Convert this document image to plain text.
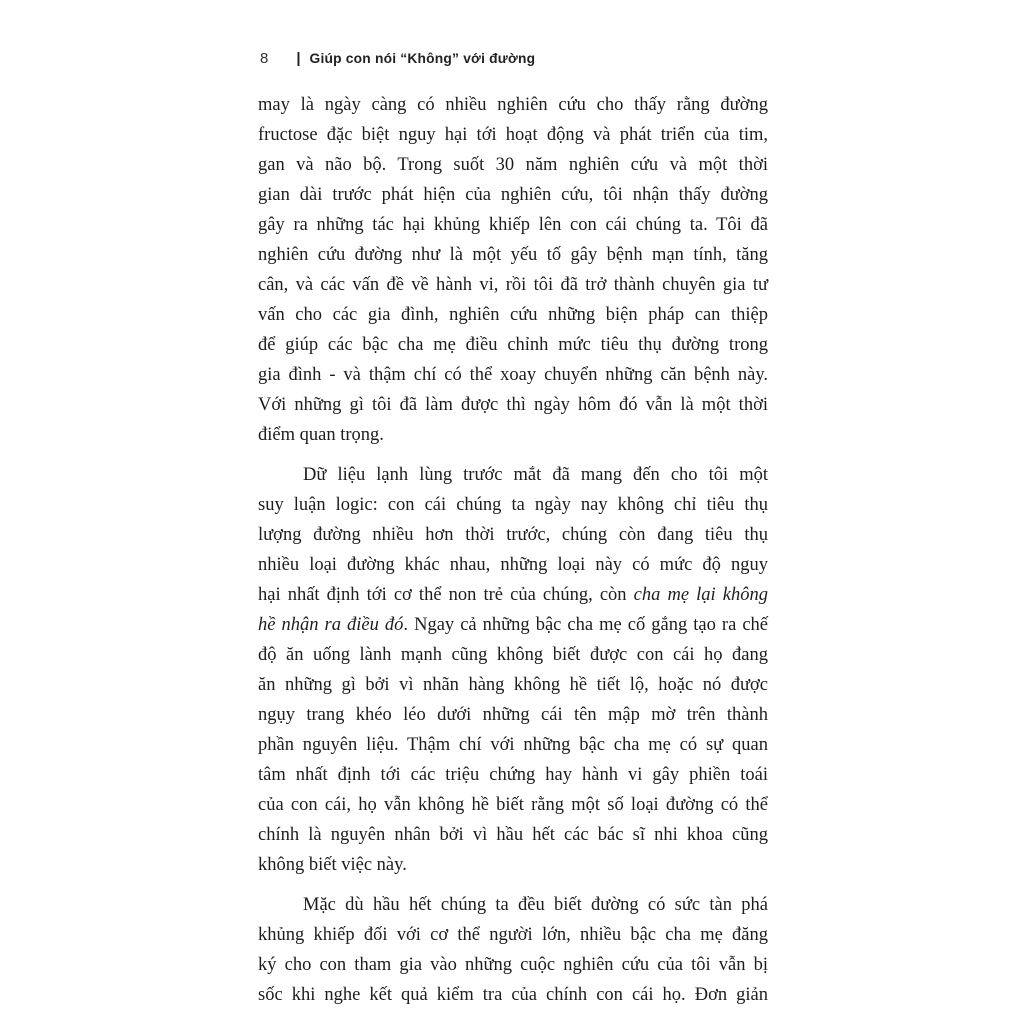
8 | Giúp con nói “Không” với đường
may là ngày càng có nhiều nghiên cứu cho thấy rằng đường
fructose đặc biệt nguy hại tới hoạt động và phát triển của tim,
gan và não bộ. Trong suốt 30 năm nghiên cứu và một thời
gian dài trước phát hiện của nghiên cứu, tôi nhận thấy đường
gây ra những tác hại khủng khiếp lên con cái chúng ta. Tôi đã
nghiên cứu đường như là một yếu tố gây bệnh mạn tính, tăng
cân, và các vấn đề về hành vi, rồi tôi đã trở thành chuyên gia tư
vấn cho các gia đình, nghiên cứu những biện pháp can thiệp
để giúp các bậc cha mẹ điều chỉnh mức tiêu thụ đường trong
gia đình - và thậm chí có thể xoay chuyển những căn bệnh này.
Với những gì tôi đã làm được thì ngày hôm đó vẫn là một thời
điểm quan trọng.
Dữ liệu lạnh lùng trước mắt đã mang đến cho tôi một
suy luận logic: con cái chúng ta ngày nay không chỉ tiêu thụ
lượng đường nhiều hơn thời trước, chúng còn đang tiêu thụ
nhiều loại đường khác nhau, những loại này có mức độ nguy
hại nhất định tới cơ thể non trẻ của chúng, còn cha mẹ lại không
hề nhận ra điều đó. Ngay cả những bậc cha mẹ cố gắng tạo ra chế
độ ăn uống lành mạnh cũng không biết được con cái họ đang
ăn những gì bởi vì nhãn hàng không hề tiết lộ, hoặc nó được
ngụy trang khéo léo dưới những cái tên mập mờ trên thành
phần nguyên liệu. Thậm chí với những bậc cha mẹ có sự quan
tâm nhất định tới các triệu chứng hay hành vi gây phiền toái
của con cái, họ vẫn không hề biết rằng một số loại đường có thể
chính là nguyên nhân bởi vì hầu hết các bác sĩ nhi khoa cũng
không biết việc này.
Mặc dù hầu hết chúng ta đều biết đường có sức tàn phá
khủng khiếp đối với cơ thể người lớn, nhiều bậc cha mẹ đăng
ký cho con tham gia vào những cuộc nghiên cứu của tôi vẫn bị
sốc khi nghe kết quả kiểm tra của chính con cái họ. Đơn giản
